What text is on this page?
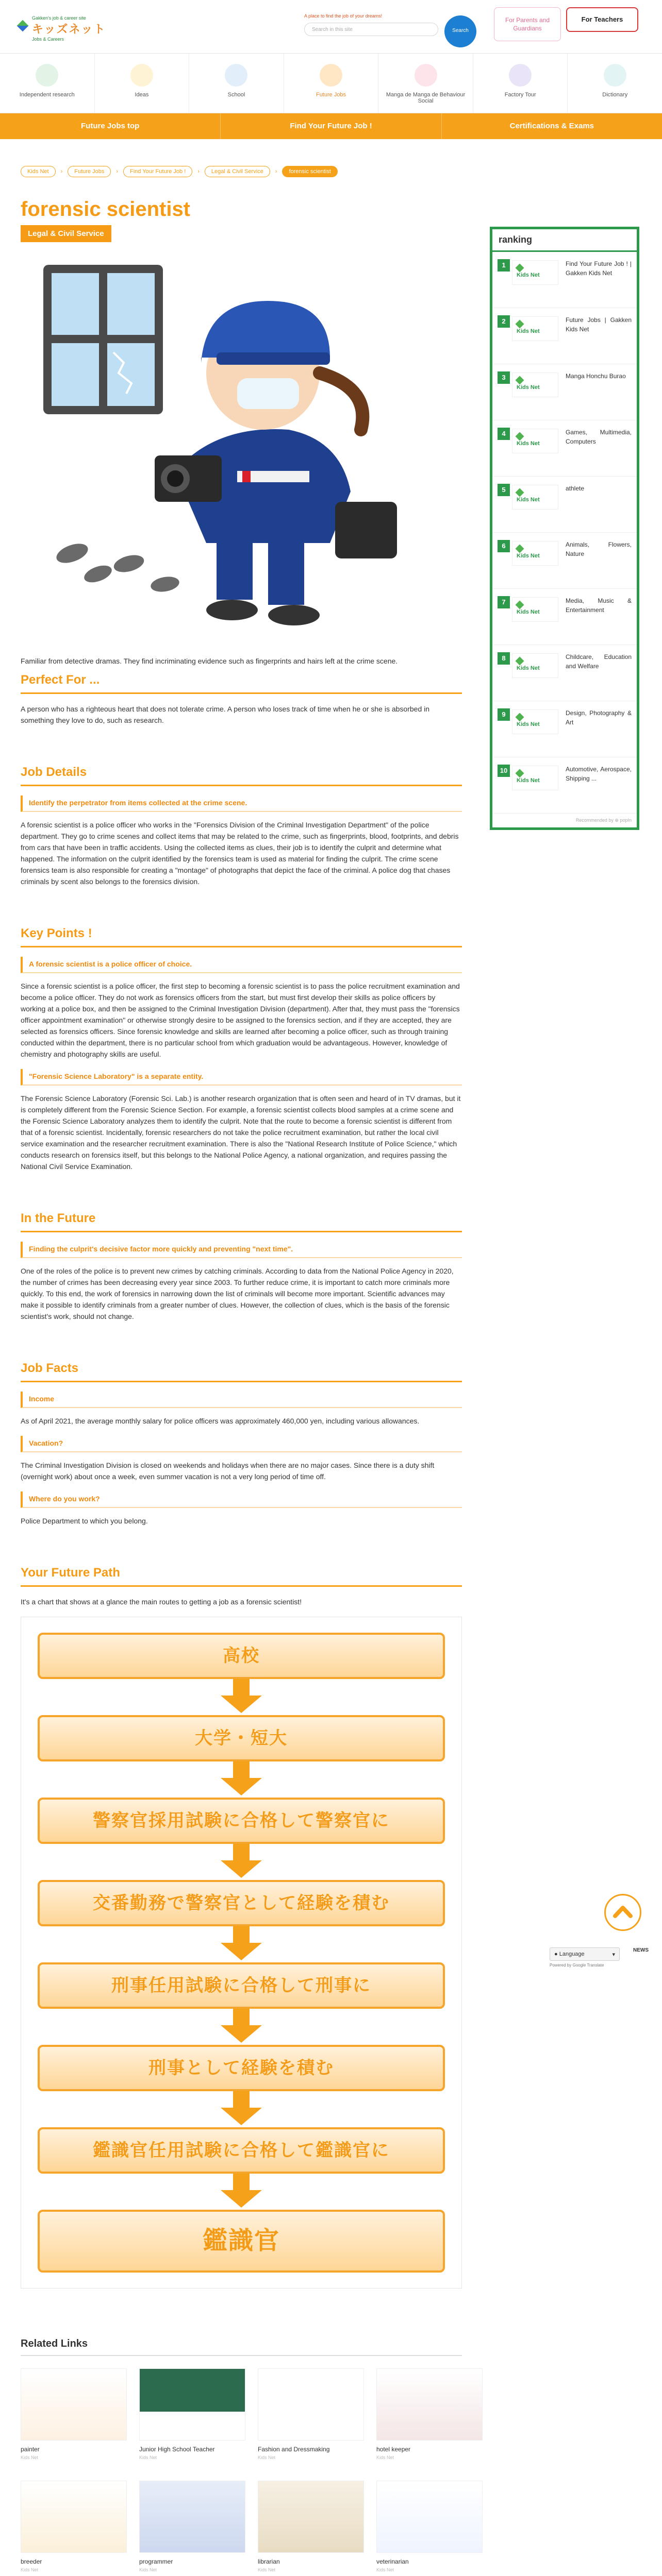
Gakken's job & career site
キッズネット
Jobs & Careers
A place to find the job of your dreams!
Search in this site	Search
For Parents and Guardians
For Teachers
Independent research	Ideas	School	Future Jobs	Manga de Manga de Behaviour Social
Factory Tour	Dictionary
Future Jobs top	Find Your Future Job !	Certifications & Exams
Kids Net	›	Future Jobs	›	Find Your Future Job !	›	Legal & Civil Service	›	forensic scientist
forensic scientist
Legal & Civil Service

Familiar from detective dramas. They find incriminating evidence such as fingerprints and hairs left at the crime scene.

Perfect For ...

A person who has a righteous heart that does not tolerate crime. A person who loses track of time when he or she is absorbed in something they love to do, such as research.

Job Details
Identify the perpetrator from items collected at the crime scene.

A forensic scientist is a police officer who works in the "Forensics Division of the Criminal Investigation Department" of the police department. They go to crime scenes and collect items that may be related to the crime, such as fingerprints, blood, footprints, and debris from cars that have been in traffic accidents. Using the collected items as clues, their job is to identify the culprit and determine what happened. The information on the culprit identified by the forensics team is used as material for finding the culprit. The crime scene forensics team is also responsible for creating a "montage" of photographs that depict the face of the criminal. A police dog that chases criminals by scent also belongs to the forensics division.

Key Points !
A forensic scientist is a police officer of choice.

Since a forensic scientist is a police officer, the first step to becoming a forensic scientist is to pass the police recruitment examination and become a police officer. They do not work as forensics officers from the start, but must first develop their skills as police officers by working at a police box, and then be assigned to the Criminal Investigation Division (department). After that, they must pass the "forensics officer appointment examination" or otherwise strongly desire to be assigned to the forensics section, and if they are accepted, they are selected as forensics officers. Since forensic knowledge and skills are learned after becoming a police officer, such as through training conducted within the department, there is no particular school from which graduation would be advantageous. However, knowledge of chemistry and photography skills are useful.

"Forensic Science Laboratory" is a separate entity.

The Forensic Science Laboratory (Forensic Sci. Lab.) is another research organization that is often seen and heard of in TV dramas, but it is completely different from the Forensic Science Section. For example, a forensic scientist collects blood samples at a crime scene and the Forensic Science Laboratory analyzes them to identify the culprit. Note that the route to become a forensic scientist is different from that of a forensic scientist. Incidentally, forensic researchers do not take the police recruitment examination, but rather the local civil service examination and the researcher recruitment examination. There is also the "National Research Institute of Police Science," which conducts research on forensics itself, but this belongs to the National Police Agency, a national organization, and requires passing the National Civil Service Examination.

In the Future
Finding the culprit's decisive factor more quickly and preventing "next time".

One of the roles of the police is to prevent new crimes by catching criminals. According to data from the National Police Agency in 2020, the number of crimes has been decreasing every year since 2003. To further reduce crime, it is important to catch more criminals more quickly. To this end, the work of forensics in narrowing down the list of criminals will become more important. Scientific advances may make it possible to identify criminals from a greater number of clues. However, the collection of clues, which is the basis of the forensic scientist's work, should not change.

Job Facts
Income

As of April 2021, the average monthly salary for police officers was approximately 460,000 yen, including various allowances.

Vacation?

The Criminal Investigation Division is closed on weekends and holidays when there are no major cases. Since there is a duty shift (overnight work) about once a week, even summer vacation is not a very long period of time off.

Where do you work?

Police Department to which you belong.

Your Future Path

It's a chart that shows at a glance the main routes to getting a job as a forensic scientist!

高校
大学・短大
警察官採用試験に合格して警察官に
交番勤務で警察官として経験を積む
刑事任用試験に合格して刑事に
刑事として経験を積む
鑑識官任用試験に合格して鑑識官に
鑑識官
Related Links
painter
Kids Net
Junior High School Teacher
Kids Net
Fashion and Dressmaking
Kids Net
hotel keeper
Kids Net
breeder
Kids Net
programmer
Kids Net
librarian
Kids Net
veterinarian
Kids Net
ranking
1
Kids Net
Find Your Future Job ! | Gakken Kids Net
2
Kids Net
Future Jobs | Gakken Kids Net
3
Kids Net
Manga Honchu Burao
4
Kids Net
Games, Multimedia, Computers
5
Kids Net
athlete
6
Kids Net
Animals, Flowers, Nature
7
Kids Net
Media, Music & Entertainment
8
Kids Net
Childcare, Education and Welfare
9
Kids Net
Design, Photography & Art
10
Kids Net
Automotive, Aerospace, Shipping ...
Recommended by ⊕ popIn
NEWS
● Language	▾
Powered by Google Translate
